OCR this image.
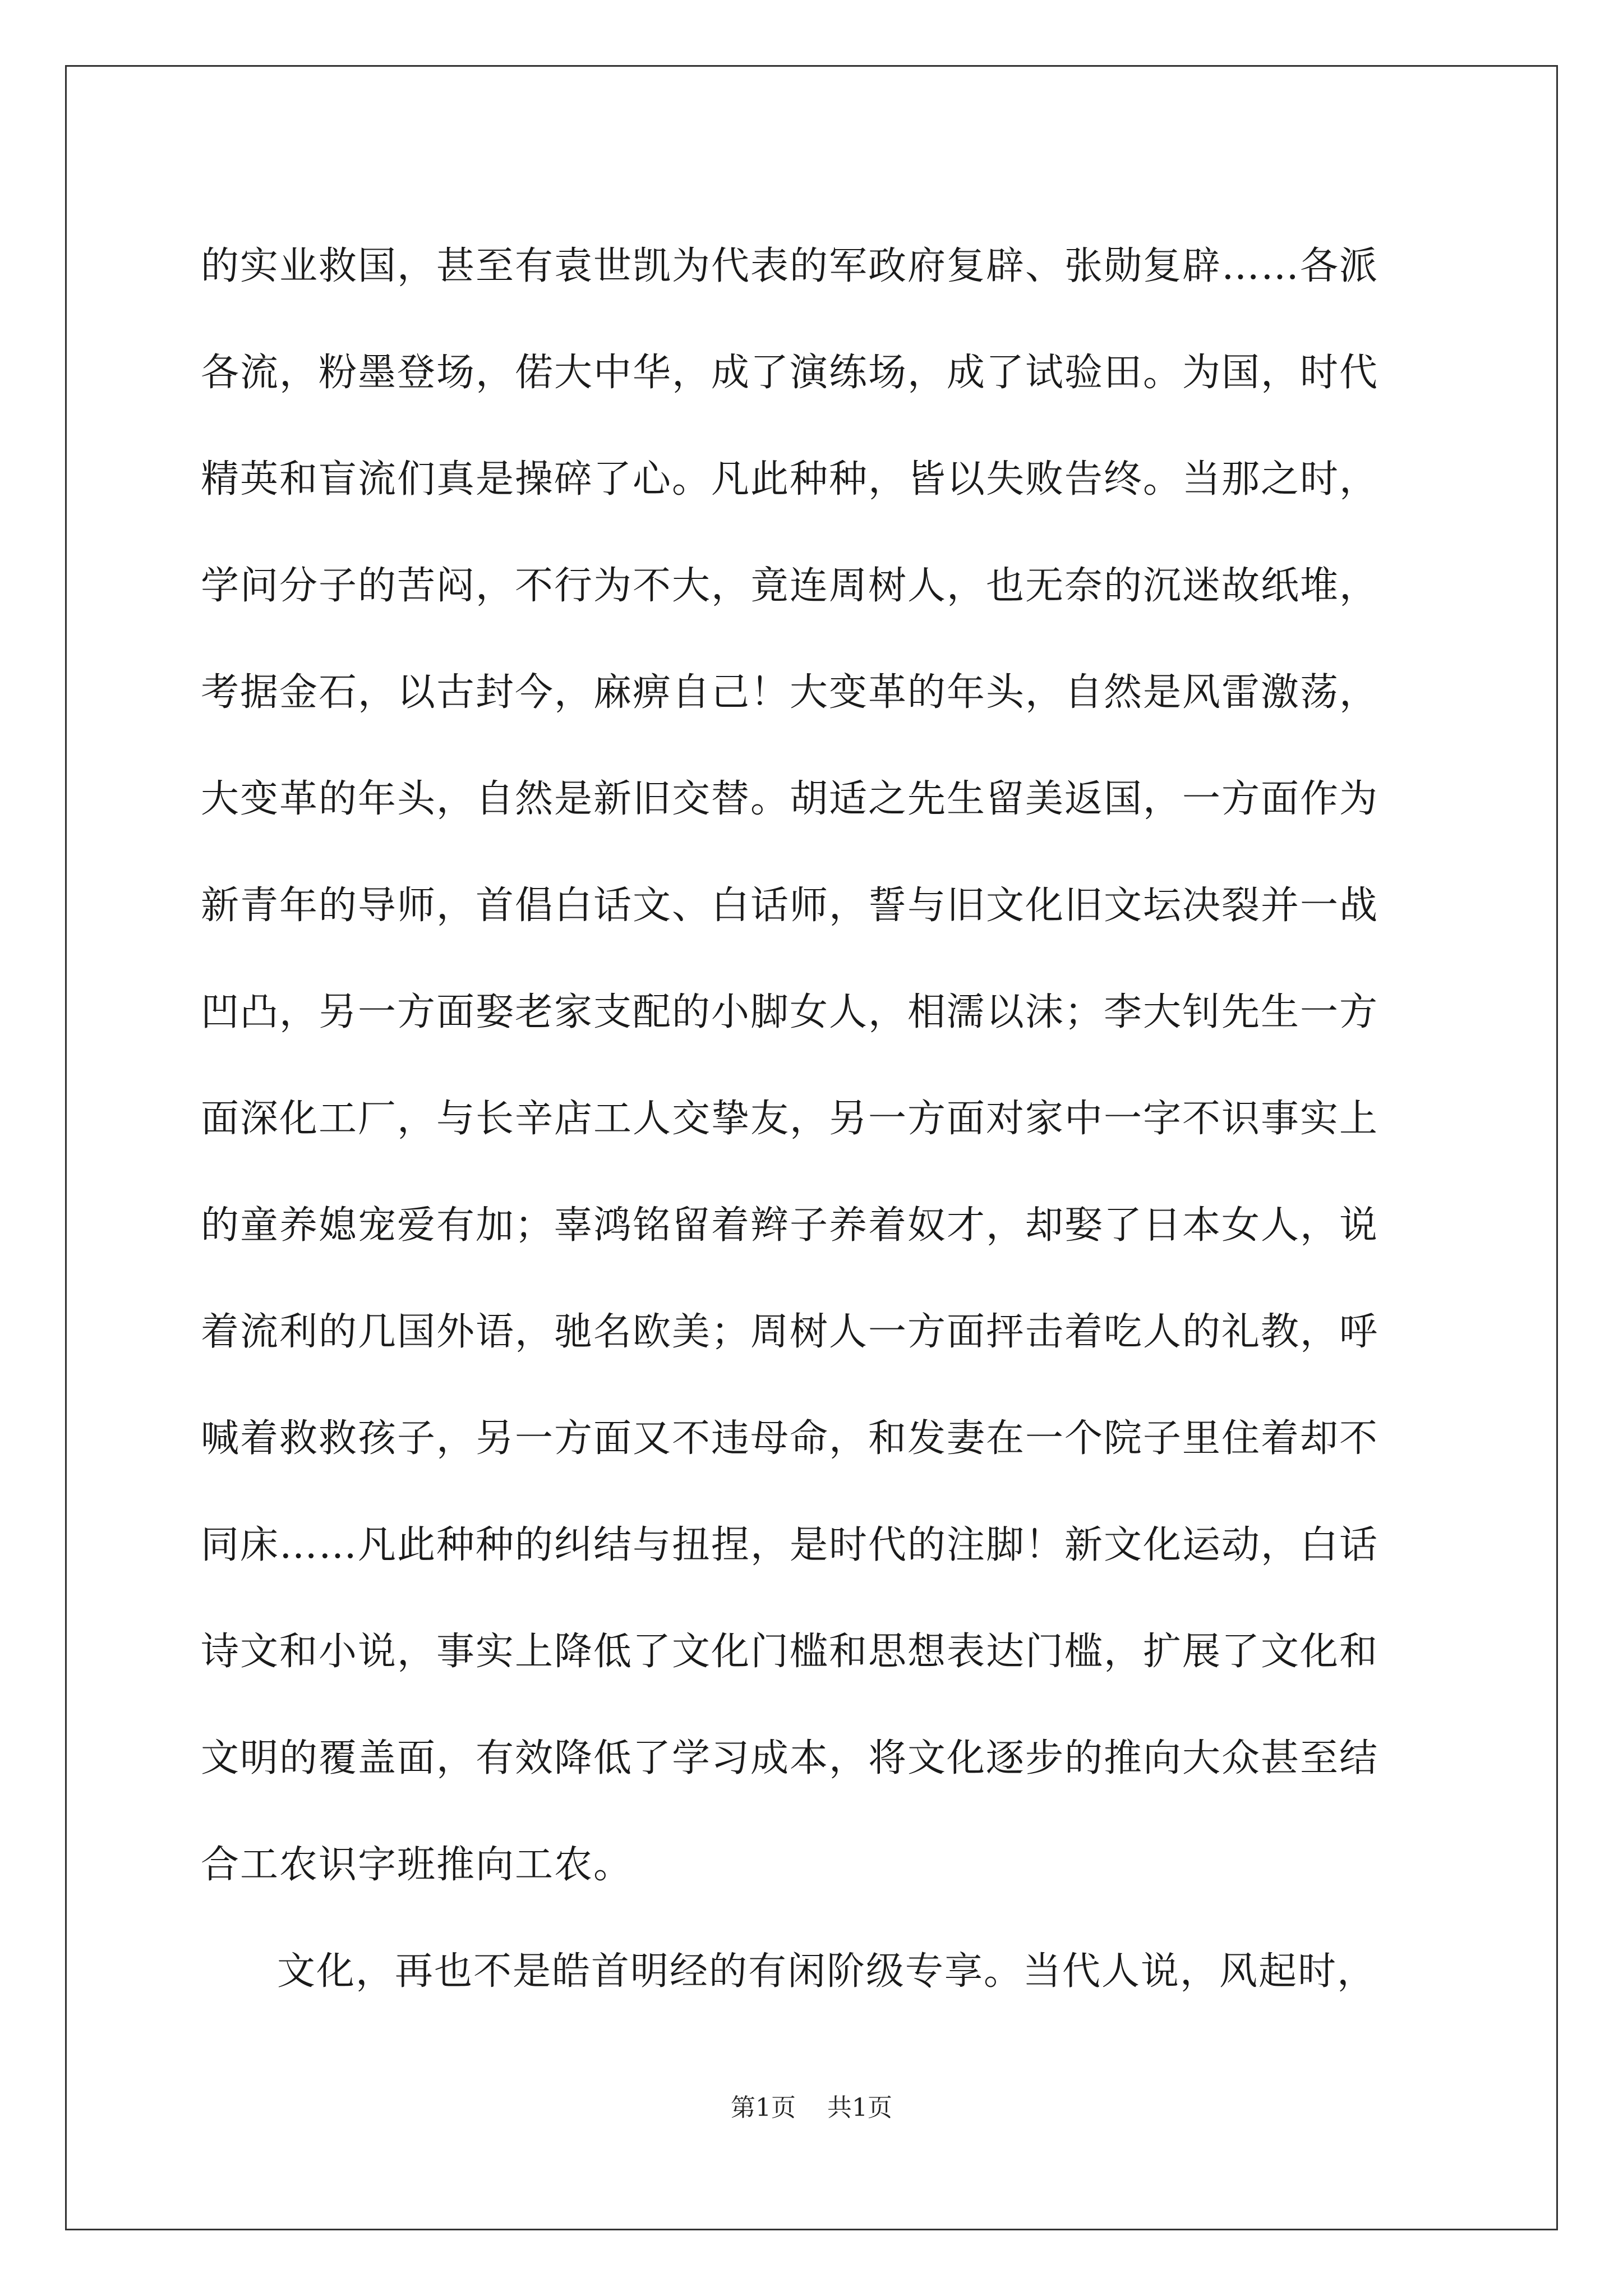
的实业救国，甚至有袁世凯为代表的军政府复辟、张勋复辟……各派
各流，粉墨登场，偌大中华，成了演练场，成了试验田。为国，时代
精英和盲流们真是操碎了心。凡此种种，皆以失败告终。当那之时，
学问分子的苦闷，不行为不大，竟连周树人，也无奈的沉迷故纸堆，
考据金石，以古封今，麻痹自己！大变革的年头，自然是风雷激荡，
大变革的年头，自然是新旧交替。胡适之先生留美返国，一方面作为
新青年的导师，首倡白话文、白话师，誓与旧文化旧文坛决裂并一战
凹凸，另一方面娶老家支配的小脚女人，相濡以沫；李大钊先生一方
面深化工厂，与长辛店工人交挚友，另一方面对家中一字不识事实上
的童养媳宠爱有加；辜鸿铭留着辫子养着奴才，却娶了日本女人，说
着流利的几国外语，驰名欧美；周树人一方面抨击着吃人的礼教，呼
喊着救救孩子，另一方面又不违母命，和发妻在一个院子里住着却不
同床……凡此种种的纠结与扭捏，是时代的注脚！新文化运动，白话
诗文和小说，事实上降低了文化门槛和思想表达门槛，扩展了文化和
文明的覆盖面，有效降低了学习成本，将文化逐步的推向大众甚至结
合工农识字班推向工农。
文化，再也不是皓首明经的有闲阶级专享。当代人说，风起时，
第1页 共1页
